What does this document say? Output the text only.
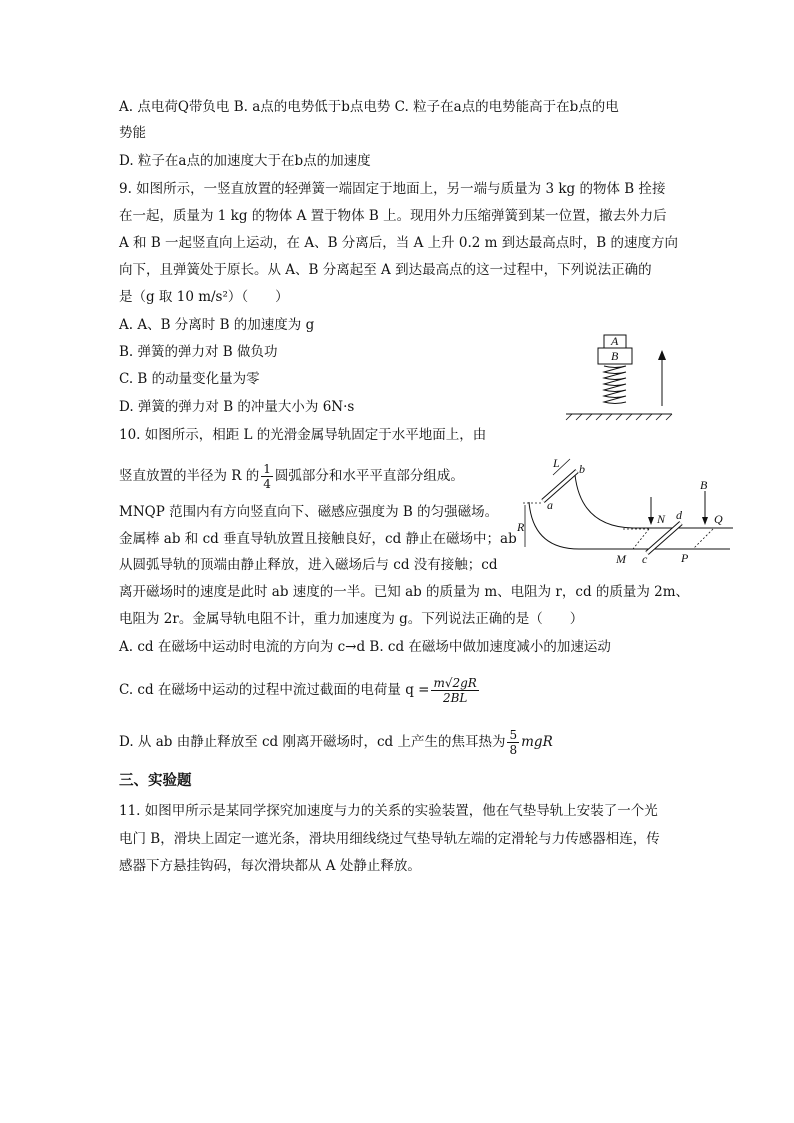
A. 点电荷Q带负电 B. a点的电势低于b点电势 C. 粒子在a点的电势能高于在b点的电
势能
D. 粒子在a点的加速度大于在b点的加速度
9. 如图所示，一竖直放置的轻弹簧一端固定于地面上，另一端与质量为 3 kg 的物体 B 拴接
在一起，质量为 1 kg 的物体 A 置于物体 B 上。现用外力压缩弹簧到某一位置，撤去外力后
A 和 B 一起竖直向上运动，在 A、B 分离后，当 A 上升 0.2 m 到达最高点时，B 的速度方向
向下，且弹簧处于原长。从 A、B 分离起至 A 到达最高点的这一过程中，下列说法正确的
是（g 取 10 m/s²）（　　）
A. A、B 分离时 B 的加速度为 g
B. 弹簧的弹力对 B 做负功
C. B 的动量变化量为零
D. 弹簧的弹力对 B 的冲量大小为 6N·s
A
B
10. 如图所示，相距 L 的光滑金属导轨固定于水平地面上，由
竖直放置的半径为 R 的 $\frac{1}{4}$ 圆弧部分和水平平直部分组成。
MNQP 范围内有方向竖直向下、磁感应强度为 B 的匀强磁场。
金属棒 ab 和 cd 垂直导轨放置且接触良好，cd 静止在磁场中；ab
从圆弧导轨的顶端由静止释放，进入磁场后与 cd 没有接触；cd
离开磁场时的速度是此时 ab 速度的一半。已知 ab 的质量为 m、电阻为 r，cd 的质量为 2m、
电阻为 2r。金属导轨电阻不计，重力加速度为 g。下列说法正确的是（　　）
A. cd 在磁场中运动时电流的方向为 c→d B. cd 在磁场中做加速度减小的加速运动
C. cd 在磁场中运动的过程中流过截面的电荷量 $q = \frac{m√2gR}{2BL}$
D. 从 ab 由静止释放至 cd 刚离开磁场时，cd 上产生的焦耳热为 $\frac{5}{8}$ mgR
L b
a
R
B
N d	Q
M c	P
三、实验题
11. 如图甲所示是某同学探究加速度与力的关系的实验装置，他在气垫导轨上安装了一个光
电门 B，滑块上固定一遮光条，滑块用细线绕过气垫导轨左端的定滑轮与力传感器相连，传
感器下方悬挂钩码，每次滑块都从 A 处静止释放。
